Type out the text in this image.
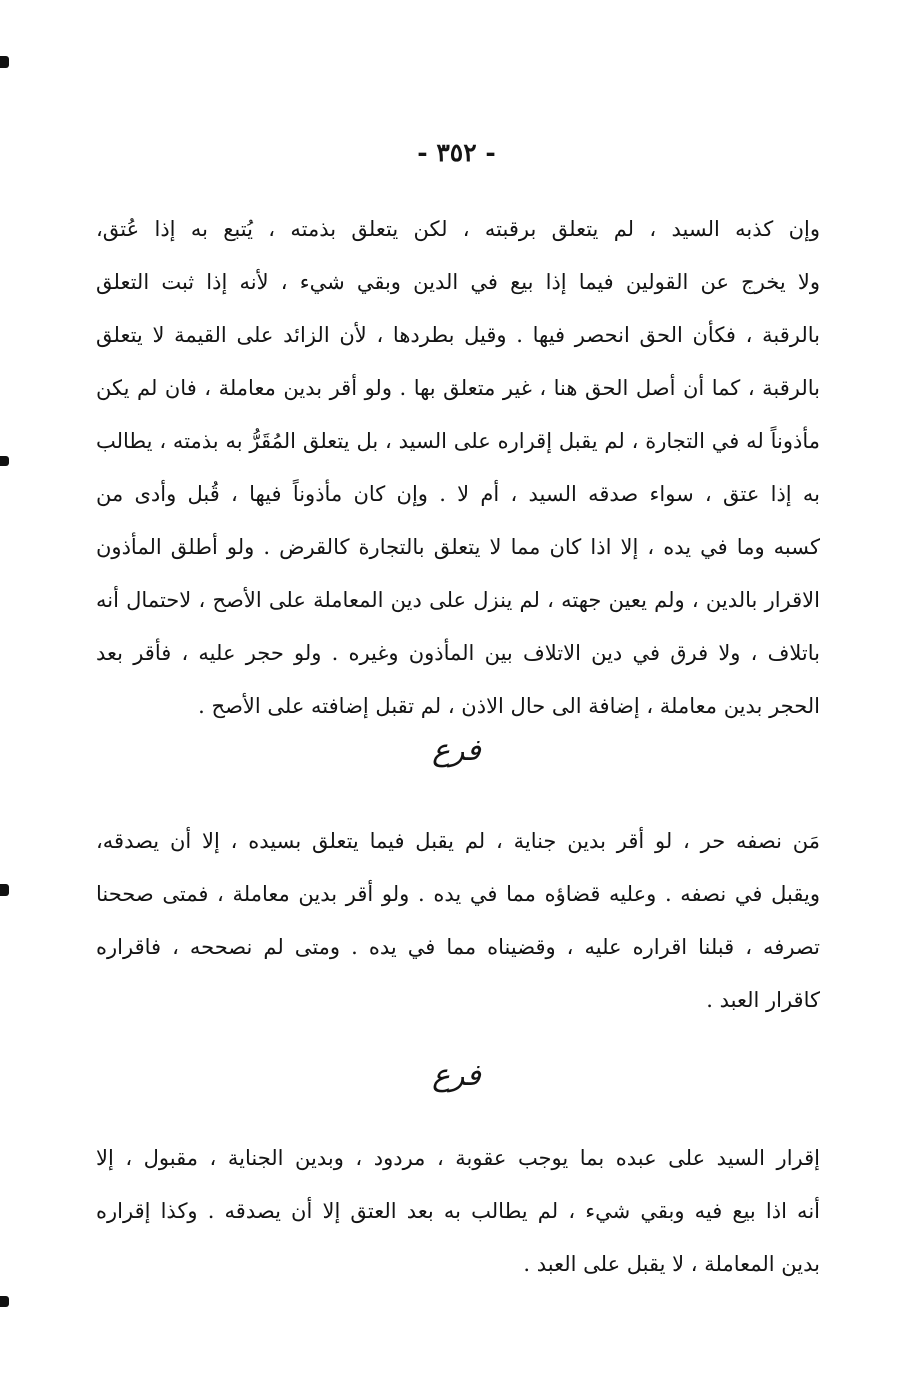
- ٣٥٢ -
وإن كذبه السيد ، لم يتعلق برقبته ، لكن يتعلق بذمته ، يُتبع به إذا عُتق،
ولا يخرج عن القولين فيما إذا بيع في الدين وبقي شيء ، لأنه إذا ثبت التعلق
بالرقبة ، فكأن الحق انحصر فيها . وقيل بطردها ، لأن الزائد على القيمة لا يتعلق
بالرقبة ، كما أن أصل الحق هنا ، غير متعلق بها . ولو أقر بدين معاملة ، فان لم يكن
مأذوناً له في التجارة ، لم يقبل إقراره على السيد ، بل يتعلق المُقَرُّ به بذمته ، يطالب
به إذا عتق ، سواء صدقه السيد ، أم لا . وإن كان مأذوناً فيها ، قُبل وأدى من
كسبه وما في يده ، إلا اذا كان مما لا يتعلق بالتجارة كالقرض . ولو أطلق المأذون
الاقرار بالدين ، ولم يعين جهته ، لم ينزل على دين المعاملة على الأصح ، لاحتمال أنه
باتلاف ، ولا فرق في دين الاتلاف بين المأذون وغيره . ولو حجر عليه ، فأقر بعد
الحجر بدين معاملة ، إضافة الى حال الاذن ، لم تقبل إضافته على الأصح .
فرع
مَن نصفه حر ، لو أقر بدين جناية ، لم يقبل فيما يتعلق بسيده ، إلا أن يصدقه،
ويقبل في نصفه . وعليه قضاؤه مما في يده . ولو أقر بدين معاملة ، فمتى صححنا
تصرفه ، قبلنا اقراره عليه ، وقضيناه مما في يده . ومتى لم نصححه ، فاقراره
كاقرار العبد .
فرع
إقرار السيد على عبده بما يوجب عقوبة ، مردود ، وبدين الجناية ، مقبول ، إلا
أنه اذا بيع فيه وبقي شيء ، لم يطالب به بعد العتق إلا أن يصدقه . وكذا إقراره
بدين المعاملة ، لا يقبل على العبد .
